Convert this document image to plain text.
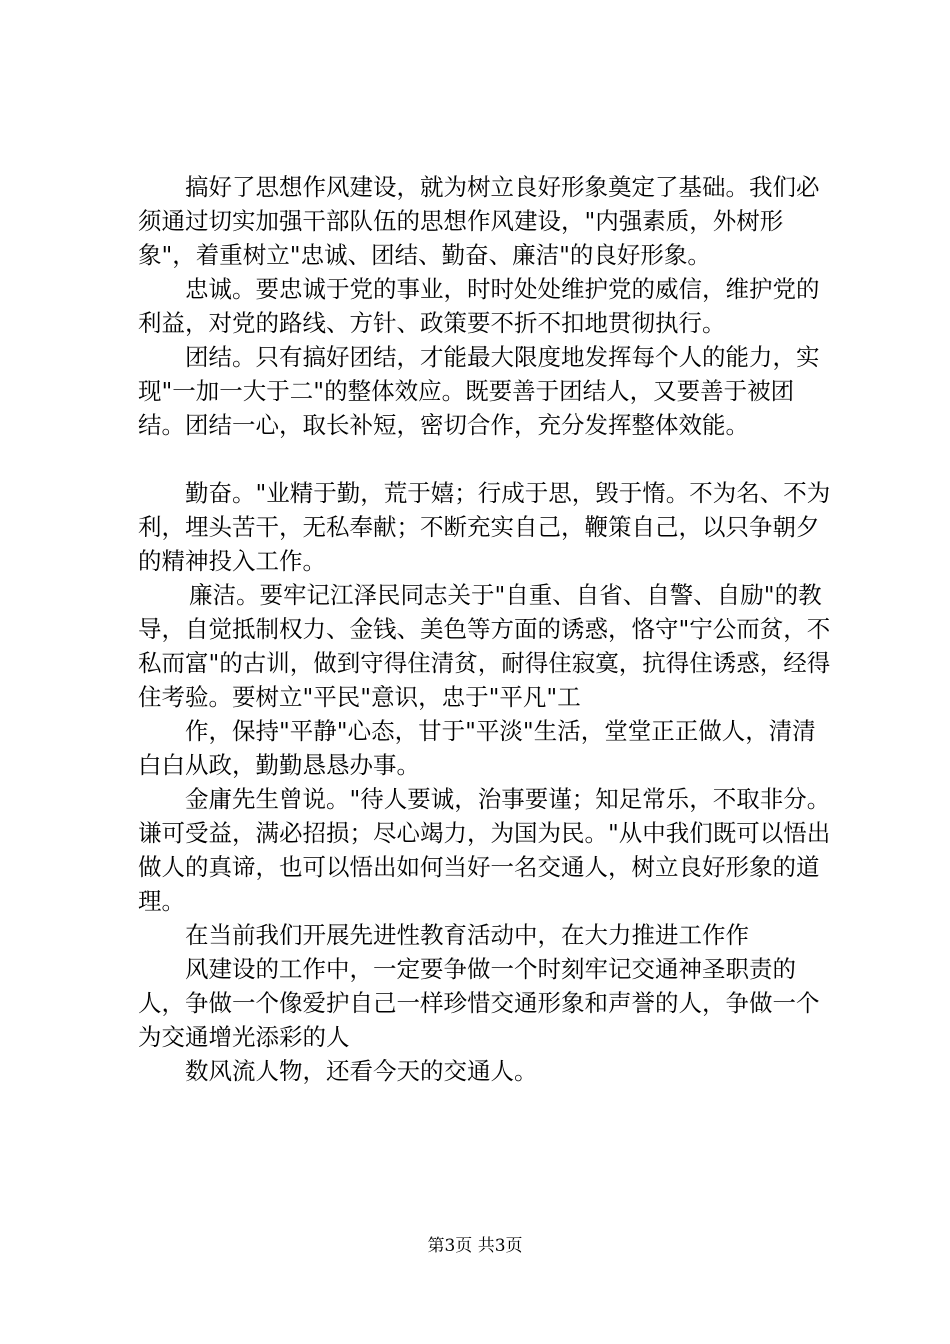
搞好了思想作风建设，就为树立良好形象奠定了基础。我们必须通过切实加强干部队伍的思想作风建设，"内强素质，外树形象"，着重树立"忠诚、团结、勤奋、廉洁"的良好形象。

忠诚。要忠诚于党的事业，时时处处维护党的威信，维护党的利益，对党的路线、方针、政策要不折不扣地贯彻执行。

团结。只有搞好团结，才能最大限度地发挥每个人的能力，实现"一加一大于二"的整体效应。既要善于团结人，又要善于被团结。团结一心，取长补短，密切合作，充分发挥整体效能。

勤奋。"业精于勤，荒于嬉；行成于思，毁于惰。不为名、不为利，埋头苦干，无私奉献；不断充实自己，鞭策自己，以只争朝夕的精神投入工作。

廉洁。要牢记江泽民同志关于"自重、自省、自警、自励"的教导，自觉抵制权力、金钱、美色等方面的诱惑，恪守"宁公而贫，不私而富"的古训，做到守得住清贫，耐得住寂寞，抗得住诱惑，经得住考验。要树立"平民"意识，忠于"平凡"工

作，保持"平静"心态，甘于"平淡"生活，堂堂正正做人，清清白白从政，勤勤恳恳办事。

金庸先生曾说。"待人要诚，治事要谨；知足常乐，不取非分。谦可受益，满必招损；尽心竭力，为国为民。"从中我们既可以悟出做人的真谛，也可以悟出如何当好一名交通人，树立良好形象的道理。

在当前我们开展先进性教育活动中，在大力推进工作作

风建设的工作中，一定要争做一个时刻牢记交通神圣职责的人，争做一个像爱护自己一样珍惜交通形象和声誉的人，争做一个为交通增光添彩的人

数风流人物，还看今天的交通人。

第3页 共3页
